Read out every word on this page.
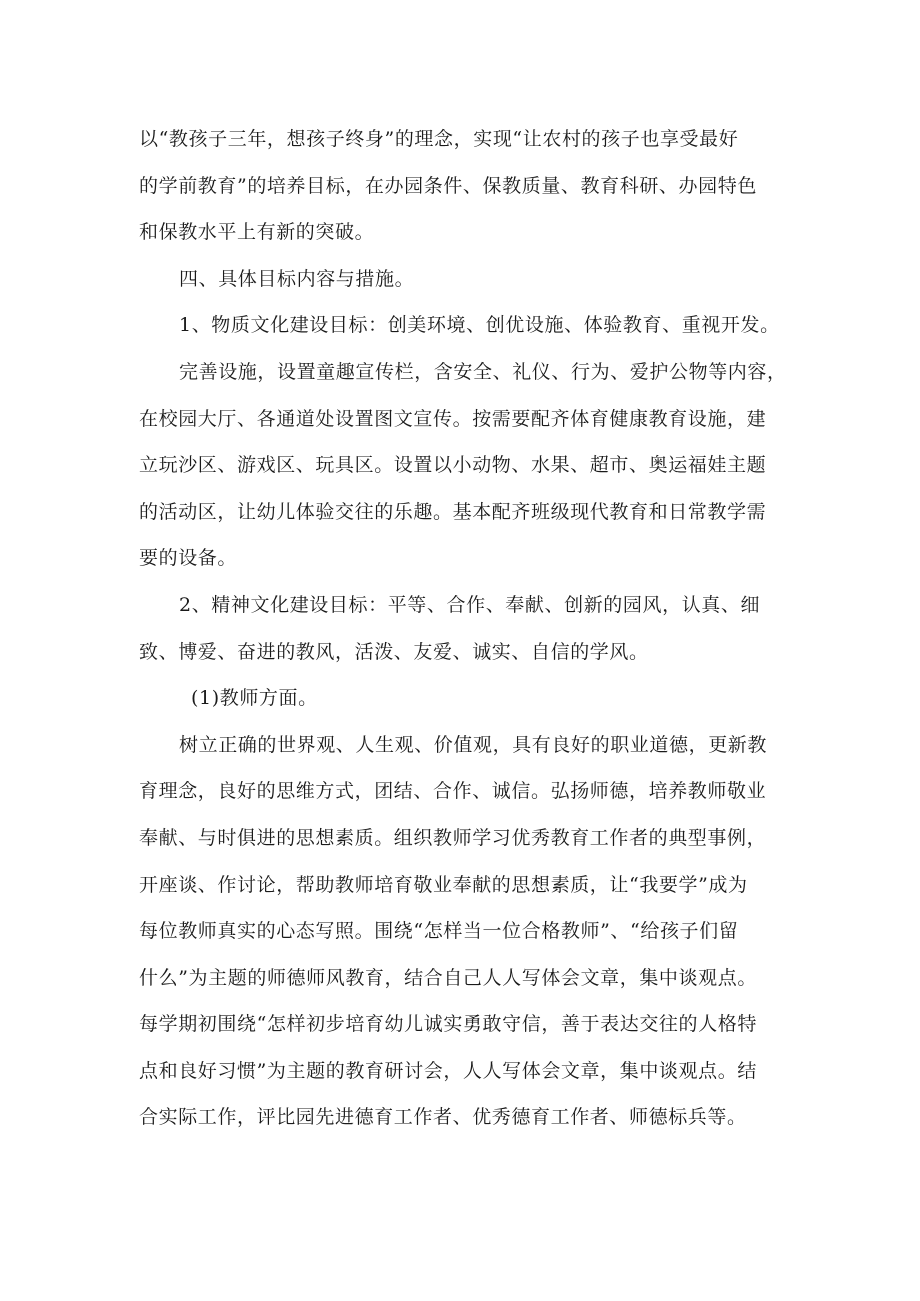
以“教孩子三年，想孩子终身”的理念，实现“让农村的孩子也享受最好
的学前教育”的培养目标，在办园条件、保教质量、教育科研、办园特色
和保教水平上有新的突破。

四、具体目标内容与措施。

1、物质文化建设目标：创美环境、创优设施、体验教育、重视开发。

完善设施，设置童趣宣传栏，含安全、礼仪、行为、爱护公物等内容，
在校园大厅、各通道处设置图文宣传。按需要配齐体育健康教育设施，建
立玩沙区、游戏区、玩具区。设置以小动物、水果、超市、奥运福娃主题
的活动区，让幼儿体验交往的乐趣。基本配齐班级现代教育和日常教学需
要的设备。

2、精神文化建设目标：平等、合作、奉献、创新的园风，认真、细
致、博爱、奋进的教风，活泼、友爱、诚实、自信的学风。

(1)教师方面。

树立正确的世界观、人生观、价值观，具有良好的职业道德，更新教
育理念，良好的思维方式，团结、合作、诚信。弘扬师德，培养教师敬业
奉献、与时俱进的思想素质。组织教师学习优秀教育工作者的典型事例，
开座谈、作讨论，帮助教师培育敬业奉献的思想素质，让“我要学”成为
每位教师真实的心态写照。围绕“怎样当一位合格教师”、“给孩子们留
什么”为主题的师德师风教育，结合自己人人写体会文章，集中谈观点。
每学期初围绕“怎样初步培育幼儿诚实勇敢守信，善于表达交往的人格特
点和良好习惯”为主题的教育研讨会，人人写体会文章，集中谈观点。结
合实际工作，评比园先进德育工作者、优秀德育工作者、师德标兵等。
